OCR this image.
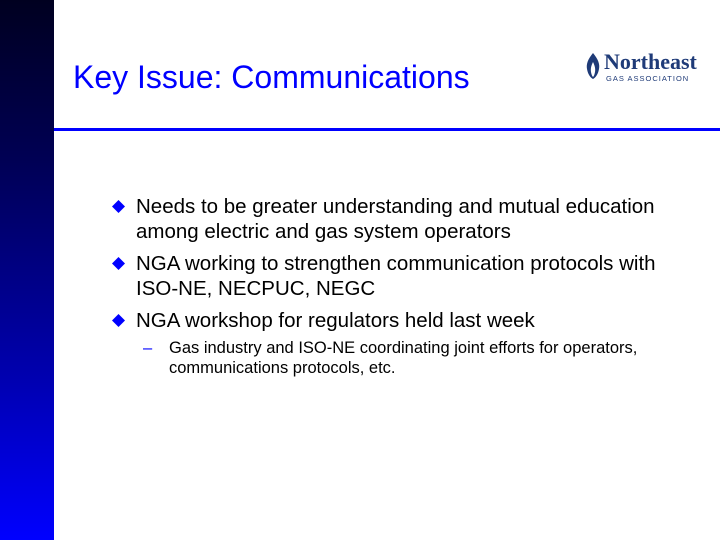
Key Issue: Communications	Northeast
GAS ASSOCIATION
Needs to be greater understanding and mutual education among electric and gas system operators
NGA working to strengthen communication protocols with ISO-NE, NECPUC, NEGC
NGA workshop for regulators held last week
– Gas industry and ISO-NE coordinating joint efforts for operators, communications protocols, etc.
